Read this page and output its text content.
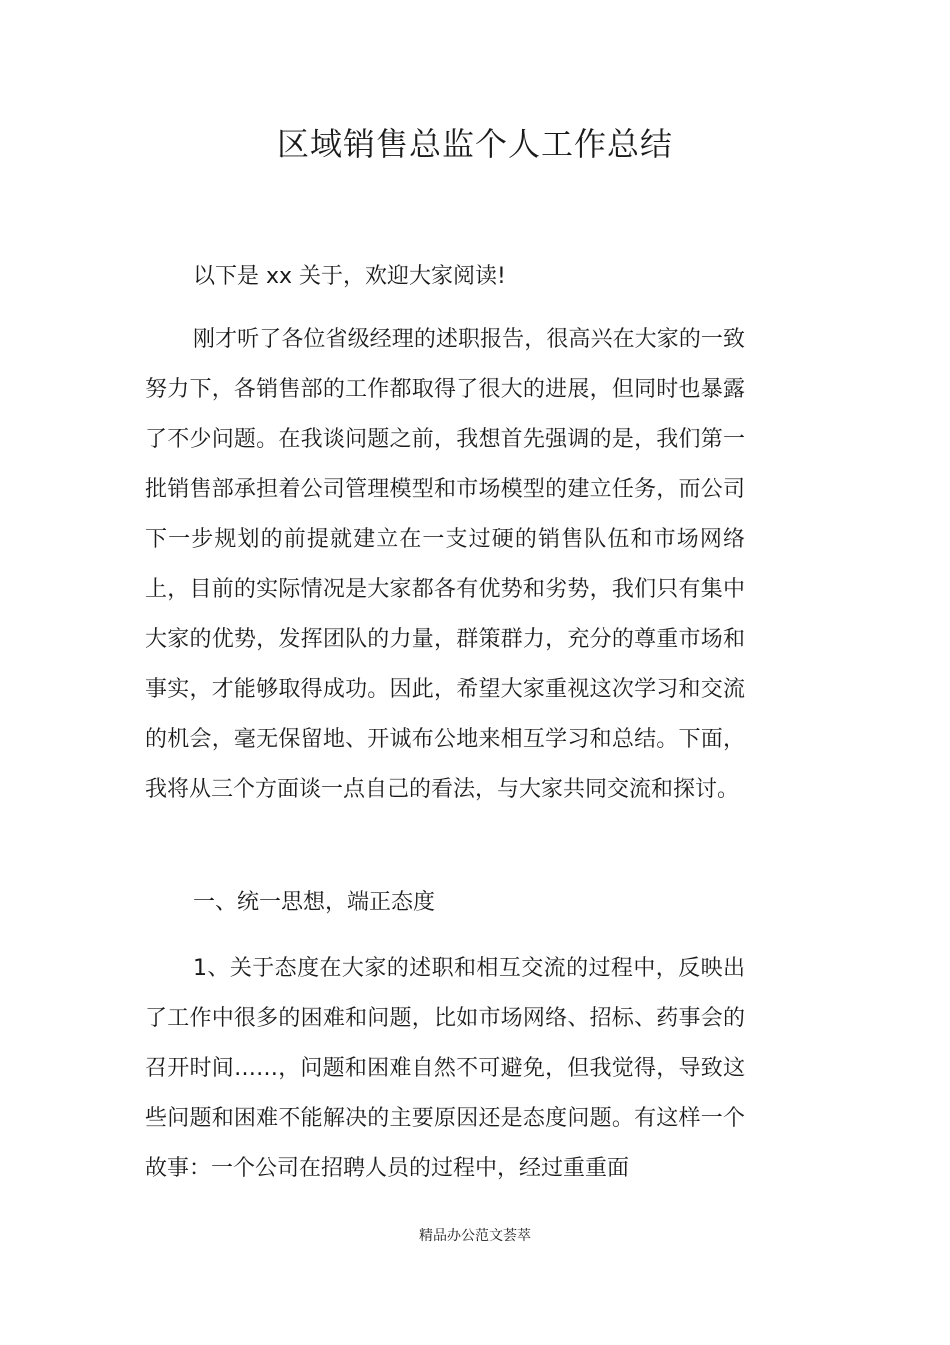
区域销售总监个人工作总结

以下是 xx 关于，欢迎大家阅读!

刚才听了各位省级经理的述职报告，很高兴在大家的一致努力下，各销售部的工作都取得了很大的进展，但同时也暴露了不少问题。在我谈问题之前，我想首先强调的是，我们第一批销售部承担着公司管理模型和市场模型的建立任务，而公司下一步规划的前提就建立在一支过硬的销售队伍和市场网络上，目前的实际情况是大家都各有优势和劣势，我们只有集中大家的优势，发挥团队的力量，群策群力，充分的尊重市场和事实，才能够取得成功。因此，希望大家重视这次学习和交流的机会，毫无保留地、开诚布公地来相互学习和总结。下面，我将从三个方面谈一点自己的看法，与大家共同交流和探讨。

一、统一思想，端正态度

1、关于态度在大家的述职和相互交流的过程中，反映出了工作中很多的困难和问题，比如市场网络、招标、药事会的召开时间……，问题和困难自然不可避免，但我觉得，导致这些问题和困难不能解决的主要原因还是态度问题。有这样一个故事：一个公司在招聘人员的过程中，经过重重面

精品办公范文荟萃
